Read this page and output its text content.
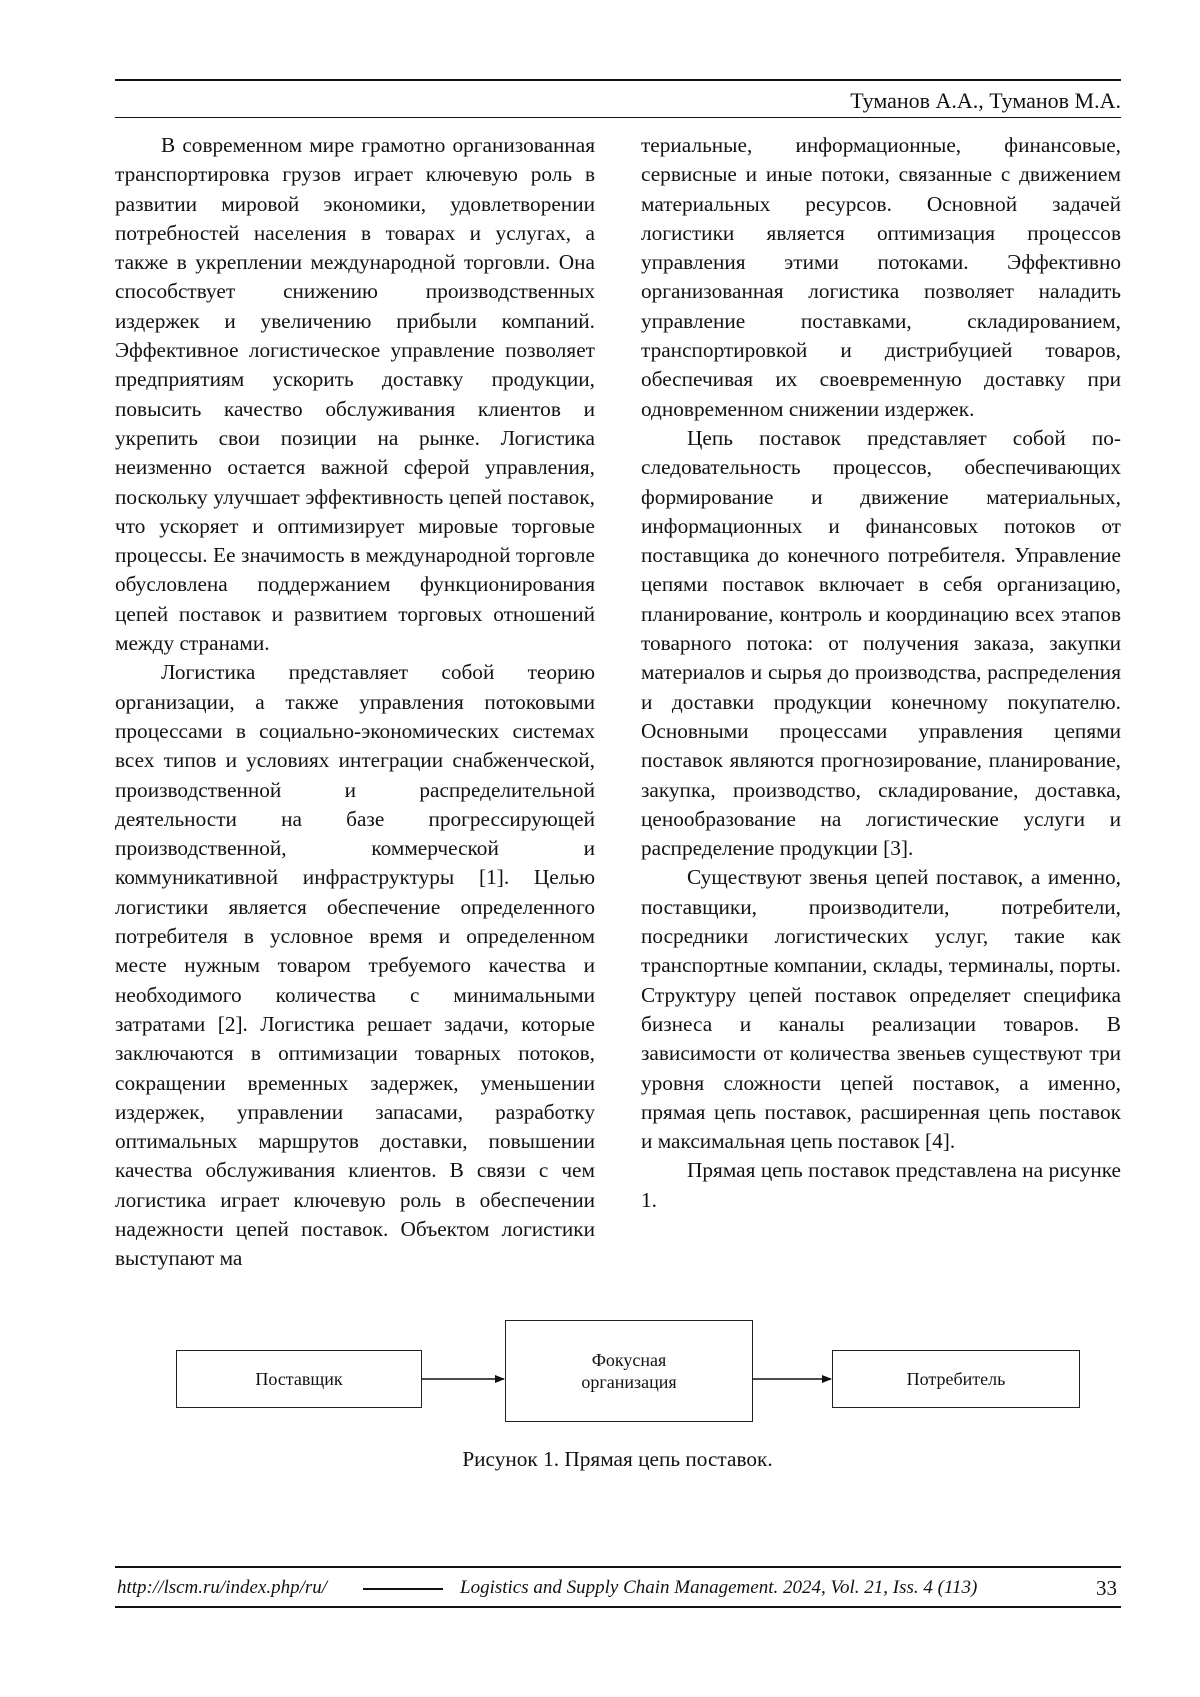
Туманов А.А., Туманов М.А.

В современном мире грамотно организованная транспортировка грузов играет ключевую роль в развитии мировой экономики, удовлетворении потребностей населения в товарах и услугах, а также в укреплении международной торговли. Она способствует снижению производственных издержек и увеличению прибыли компаний. Эффективное логистическое управление позволяет предприятиям ускорить доставку продукции, повысить качество обслуживания клиентов и укрепить свои позиции на рынке. Логистика неизменно остается важной сферой управления, поскольку улучшает эффективность цепей поставок, что ускоряет и оптимизирует мировые торговые процессы. Ее значимость в международной торговле обусловлена поддержанием функционирования цепей поставок и развитием торговых отношений между странами.

Логистика представляет собой теорию организации, а также управления потоковыми процессами в социально-экономических системах всех типов и условиях интеграции снабженческой, производственной и распределительной деятельности на базе прогрессирующей производственной, коммерческой и коммуникативной инфраструктуры [1]. Целью логистики является обеспечение определенного потребителя в условное время и определенном месте нужным товаром требуемого качества и необходимого количества с минимальными затратами [2]. Логистика решает задачи, которые заключаются в оптимизации товарных потоков, сокращении временных задержек, уменьшении издержек, управлении запасами, разработку оптимальных маршрутов доставки, повышении качества обслуживания клиентов. В связи с чем логистика играет ключевую роль в обеспечении надежности цепей поставок. Объектом логистики выступают ма

териальные, информационные, финансовые, сервисные и иные потоки, связанные с движением материальных ресурсов. Основной задачей логистики является оптимизация процессов управления этими потоками. Эффективно организованная логистика позволяет наладить управление поставками, складированием, транспортировкой и дистрибуцией товаров, обеспечивая их своевременную доставку при одновременном снижении издержек.

Цепь поставок представляет собой последовательность процессов, обеспечивающих формирование и движение материальных, информационных и финансовых потоков от поставщика до конечного потребителя. Управление цепями поставок включает в себя организацию, планирование, контроль и координацию всех этапов товарного потока: от получения заказа, закупки материалов и сырья до производства, распределения и доставки продукции конечному покупателю. Основными процессами управления цепями поставок являются прогнозирование, планирование, закупка, производство, складирование, доставка, ценообразование на логистические услуги и распределение продукции [3].

Существуют звенья цепей поставок, а именно, поставщики, производители, потребители, посредники логистических услуг, такие как транспортные компании, склады, терминалы, порты. Структуру цепей поставок определяет специфика бизнеса и каналы реализации товаров. В зависимости от количества звеньев существуют три уровня сложности цепей поставок, а именно, прямая цепь поставок, расширенная цепь поставок и максимальная цепь поставок [4].

Прямая цепь поставок представлена на рисунке 1.

Поставщик
Фокусная организация	Потребитель
Рисунок 1. Прямая цепь поставок.
http://lscm.ru/index.php/ru/	Logistics and Supply Chain Management. 2024, Vol. 21, Iss. 4 (113)	33
